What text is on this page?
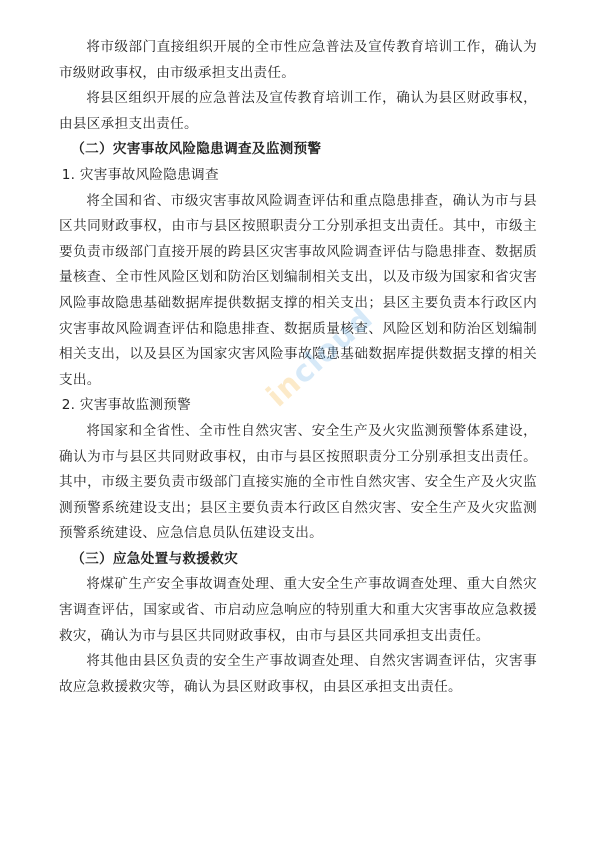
将市级部门直接组织开展的全市性应急普法及宣传教育培训工作，确认为市级财政事权，由市级承担支出责任。

将县区组织开展的应急普法及宣传教育培训工作，确认为县区财政事权，由县区承担支出责任。

（二）灾害事故风险隐患调查及监测预警

1. 灾害事故风险隐患调查

将全国和省、市级灾害事故风险调查评估和重点隐患排查，确认为市与县区共同财政事权，由市与县区按照职责分工分别承担支出责任。其中，市级主要负责市级部门直接开展的跨县区灾害事故风险调查评估与隐患排查、数据质量核查、全市性风险区划和防治区划编制相关支出，以及市级为国家和省灾害风险事故隐患基础数据库提供数据支撑的相关支出；县区主要负责本行政区内灾害事故风险调查评估和隐患排查、数据质量核查、风险区划和防治区划编制相关支出，以及县区为国家灾害风险事故隐患基础数据库提供数据支撑的相关支出。

2. 灾害事故监测预警

将国家和全省性、全市性自然灾害、安全生产及火灾监测预警体系建设，确认为市与县区共同财政事权，由市与县区按照职责分工分别承担支出责任。其中，市级主要负责市级部门直接实施的全市性自然灾害、安全生产及火灾监测预警系统建设支出；县区主要负责本行政区自然灾害、安全生产及火灾监测预警系统建设、应急信息员队伍建设支出。

（三）应急处置与救援救灾

将煤矿生产安全事故调查处理、重大安全生产事故调查处理、重大自然灾害调查评估，国家或省、市启动应急响应的特别重大和重大灾害事故应急救援救灾，确认为市与县区共同财政事权，由市与县区共同承担支出责任。

将其他由县区负责的安全生产事故调查处理、自然灾害调查评估，灾害事故应急救援救灾等，确认为县区财政事权，由县区承担支出责任。

incloud
